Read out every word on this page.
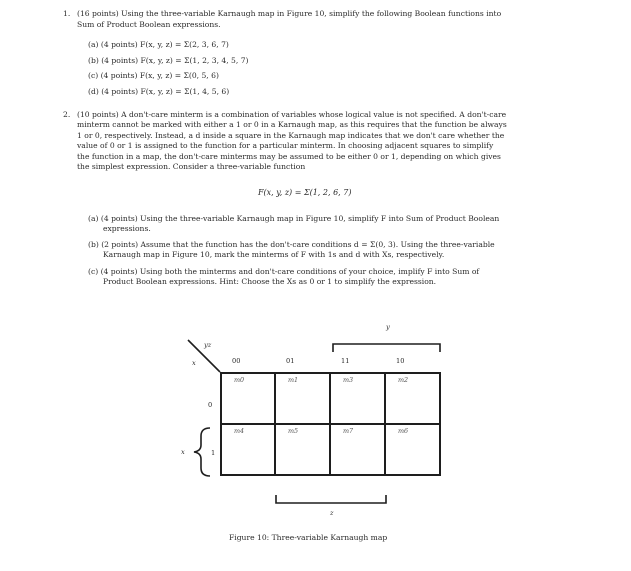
1. (16 points) Using the three-variable Karnaugh map in Figure 10, simplify the following Boolean functions into
Sum of Product Boolean expressions.
(a) (4 points) F(x, y, z) = Σ(2, 3, 6, 7)
(b) (4 points) F(x, y, z) = Σ(1, 2, 3, 4, 5, 7)
(c) (4 points) F(x, y, z) = Σ(0, 5, 6)
(d) (4 points) F(x, y, z) = Σ(1, 4, 5, 6)
2. (10 points) A don't-care minterm is a combination of variables whose logical value is not specified. A don't-care
minterm cannot be marked with either a 1 or 0 in a Karnaugh map, as this requires that the function be always
1 or 0, respectively. Instead, a d inside a square in the Karnaugh map indicates that we don't care whether the
value of 0 or 1 is assigned to the function for a particular minterm. In choosing adjacent squares to simplify
the function in a map, the don't-care minterms may be assumed to be either 0 or 1, depending on which gives
the simplest expression. Consider a three-variable function
F(x, y, z) = Σ(1, 2, 6, 7)
(a) (4 points) Using the three-variable Karnaugh map in Figure 10, simplify F into Sum of Product Boolean
expressions.
(b) (2 points) Assume that the function has the don't-care conditions d = Σ(0, 3). Using the three-variable
Karnaugh map in Figure 10, mark the minterms of F with 1s and d with Xs, respectively.
(c) (4 points) Using both the minterms and don't-care conditions of your choice, implify F into Sum of
Product Boolean expressions. Hint: Choose the Xs as 0 or 1 to simplify the expression.
yz
x	00	01	11	10
y
0
1
x
z
m0	m1	m3	m2
m4	m5	m7	m6
Figure 10: Three-variable Karnaugh map
